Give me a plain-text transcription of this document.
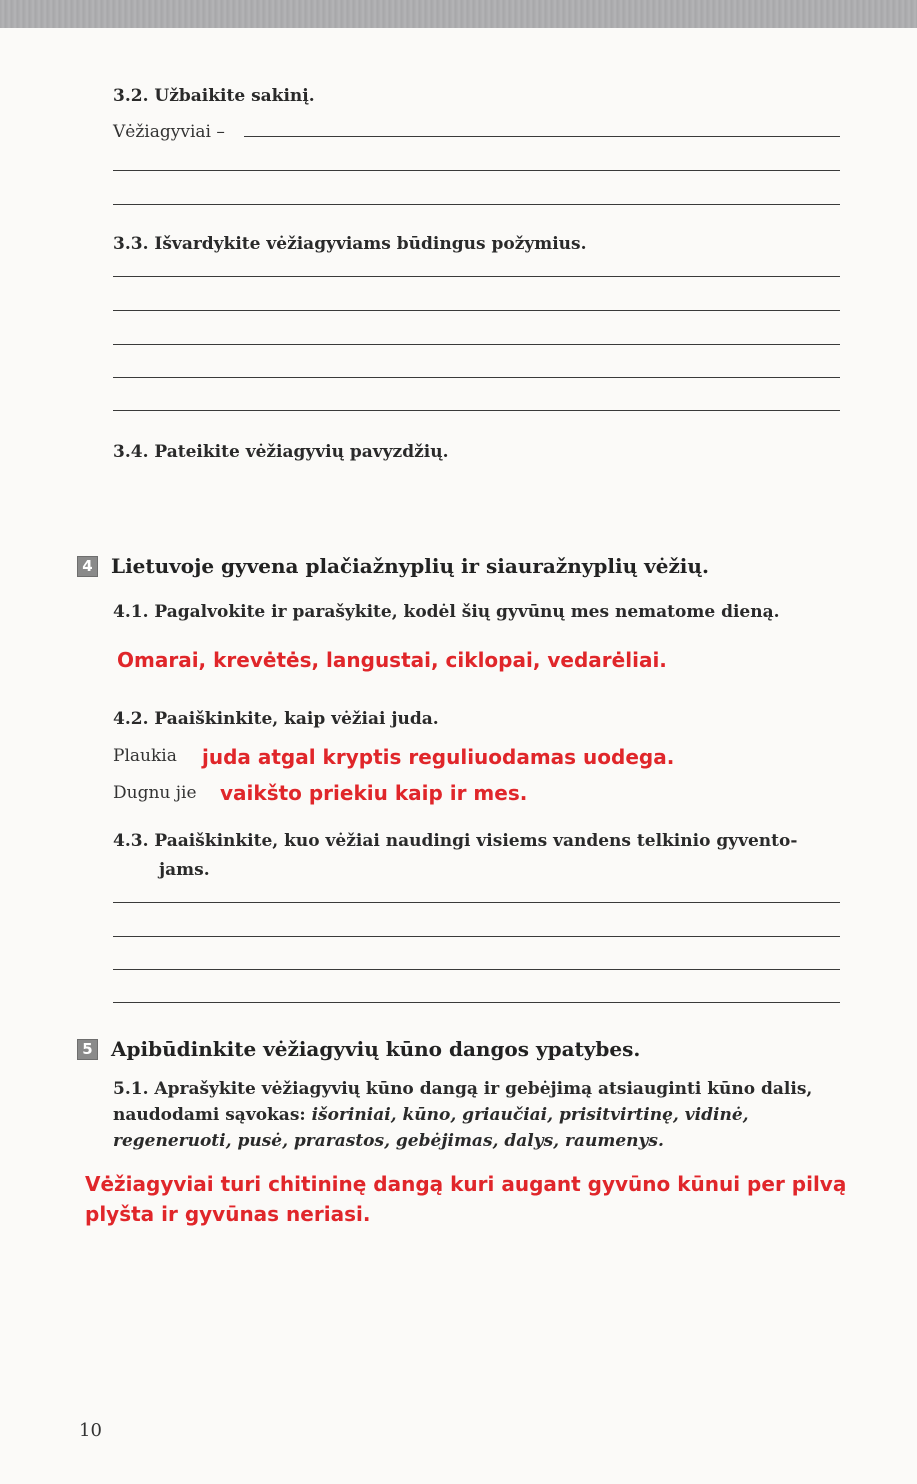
3.2. Užbaikite sakinį.
Vėžiagyviai –
3.3. Išvardykite vėžiagyviams būdingus požymius.
3.4. Pateikite vėžiagyvių pavyzdžių.
4 Lietuvoje gyvena plačiažnyplių ir siauražnyplių vėžių.
4.1. Pagalvokite ir parašykite, kodėl šių gyvūnų mes nematome dieną.
Omarai, krevėtės, langustai, ciklopai, vedarėliai.
4.2. Paaiškinkite, kaip vėžiai juda.
Plaukia juda atgal kryptis reguliuodamas uodega.
Dugnu jie vaikšto priekiu kaip ir mes.
4.3. Paaiškinkite, kuo vėžiai naudingi visiems vandens telkinio gyvento-
jams.
5 Apibūdinkite vėžiagyvių kūno dangos ypatybes.
5.1. Aprašykite vėžiagyvių kūno dangą ir gebėjimą atsiauginti kūno dalis, naudodami sąvokas: išoriniai, kūno, griaučiai, prisitvirtinę, vidinė, regeneruoti, pusė, prarastos, gebėjimas, dalys, raumenys.
Vėžiagyviai turi chitininę dangą kuri augant gyvūno kūnui per pilvą plyšta ir gyvūnas neriasi.
10
